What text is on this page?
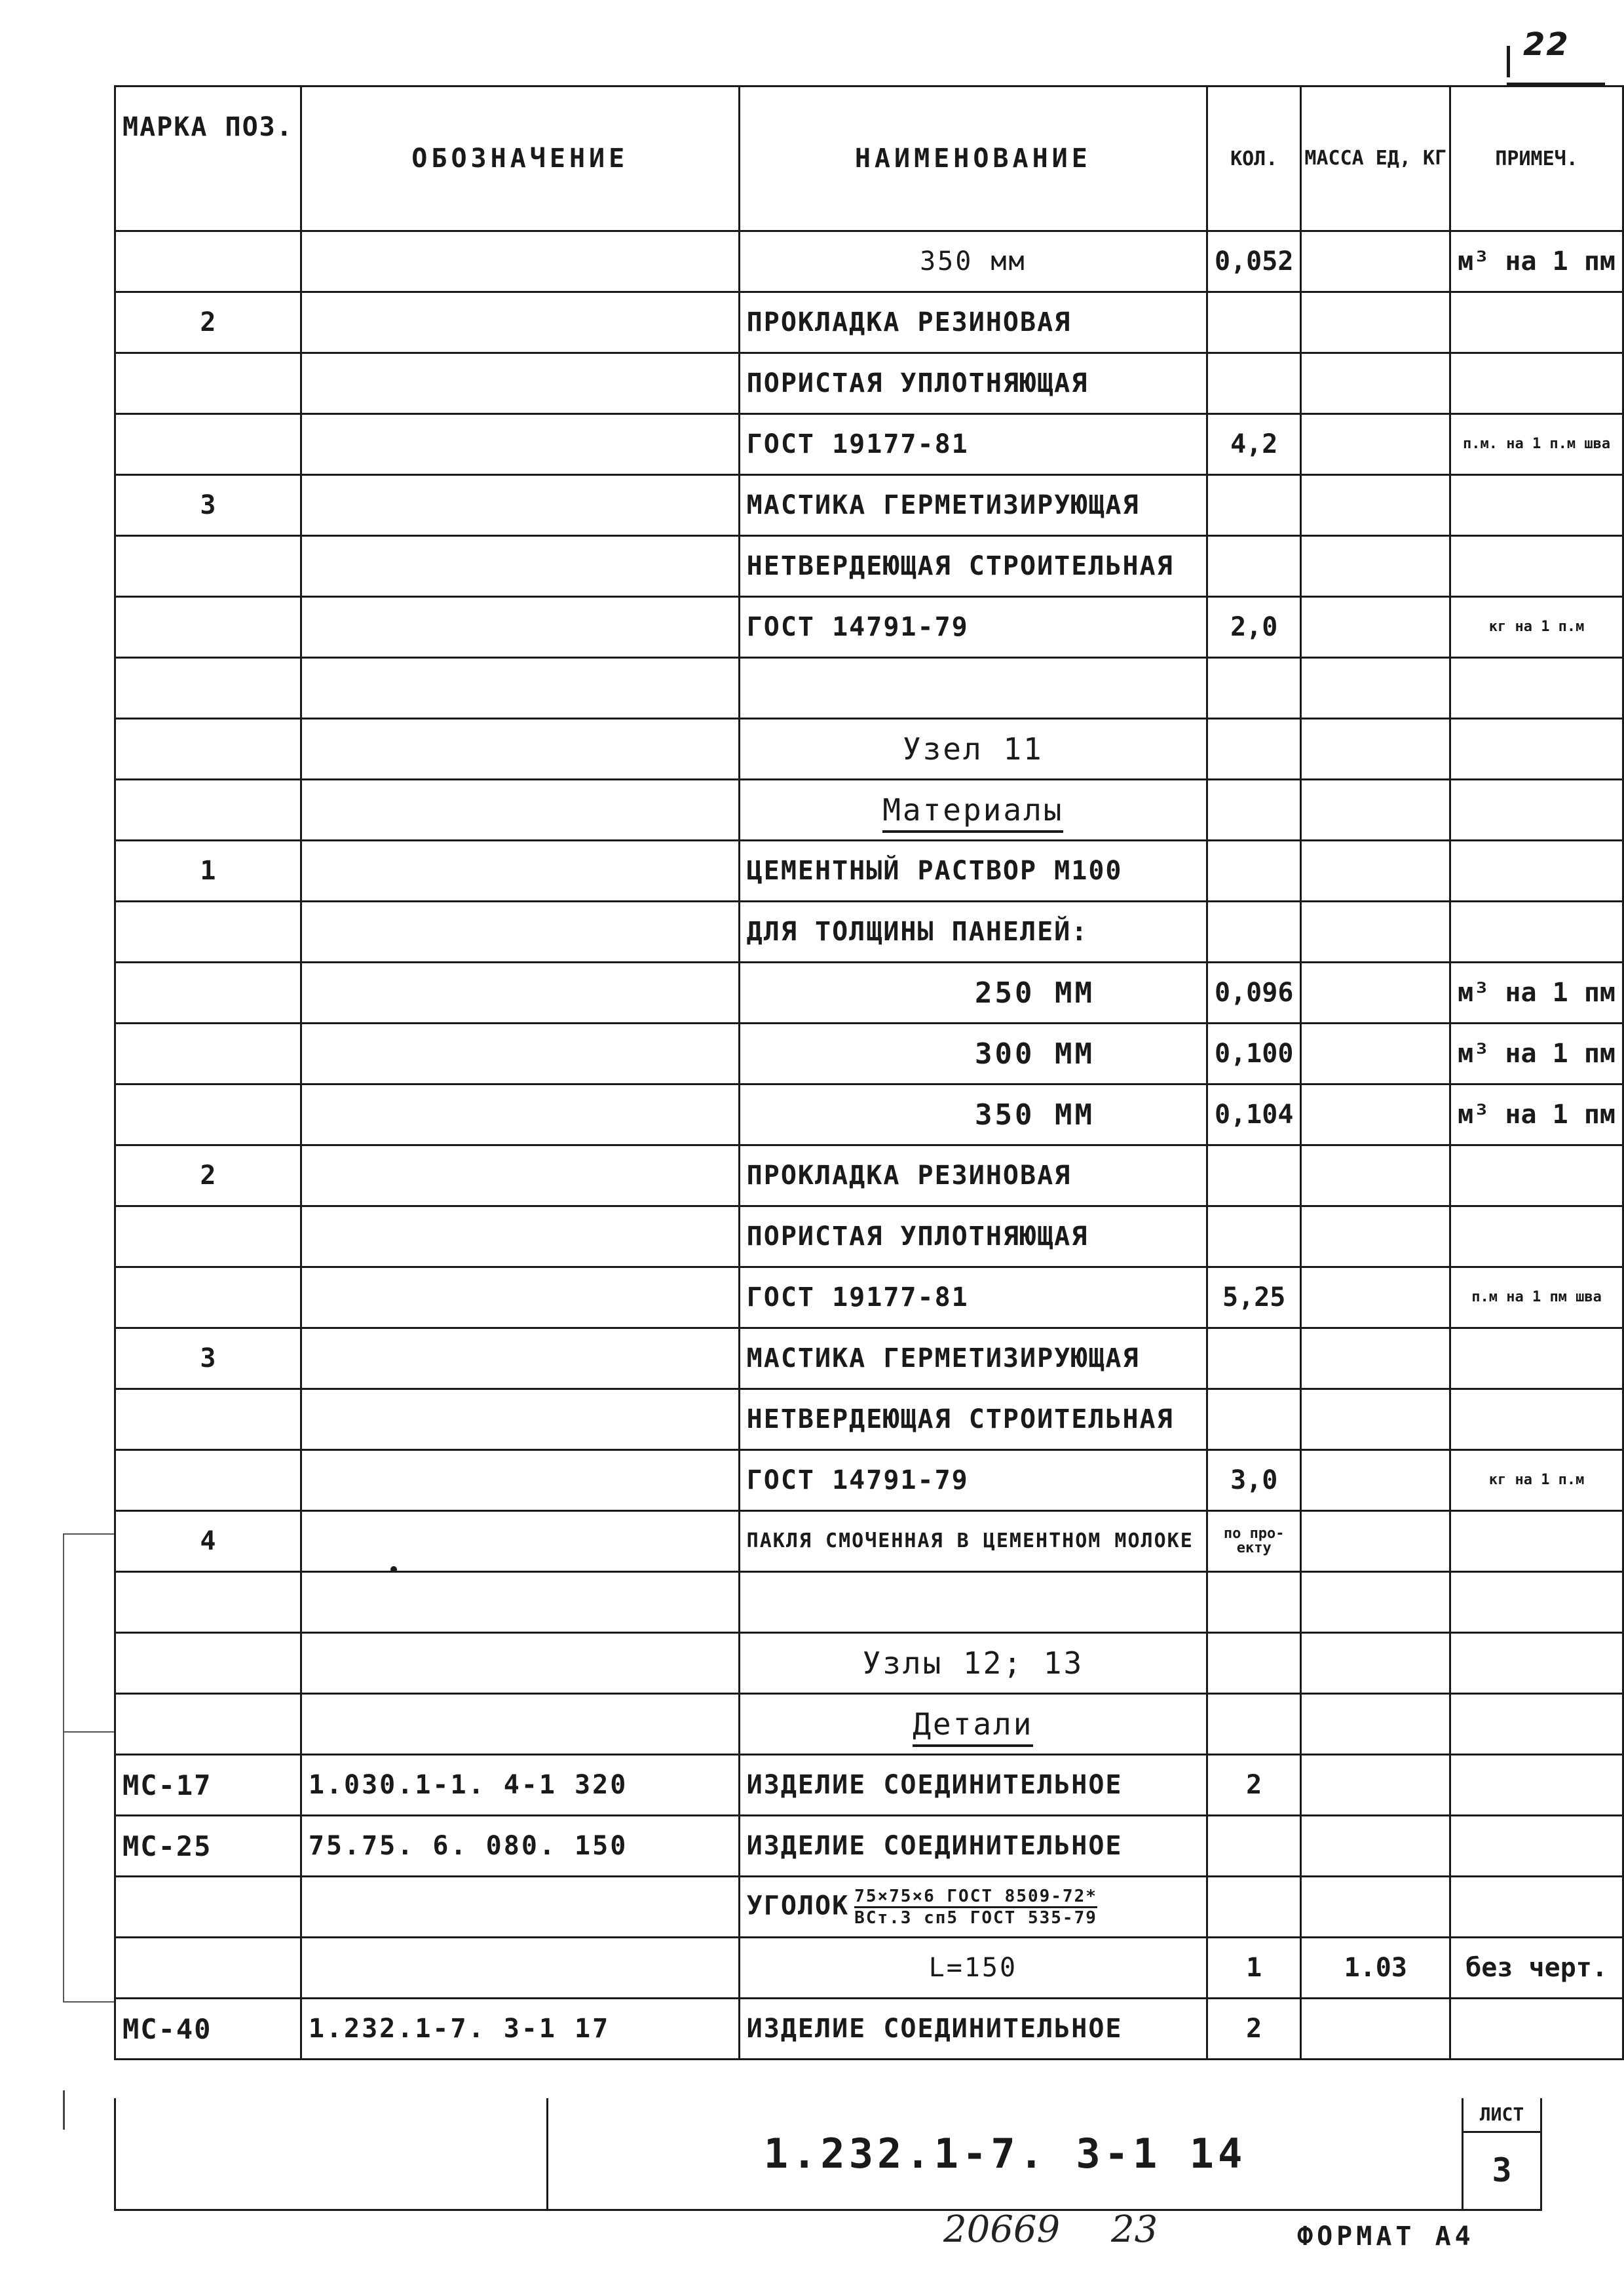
22
МАРКА ПОЗ.	ОБОЗНАЧЕНИЕ	НАИМЕНОВАНИЕ	КОЛ.	МАССА ЕД, КГ	ПРИМЕЧ.
		350 мм	0,052		м³ на 1 пм
2		ПРОКЛАДКА РЕЗИНОВАЯ			
		ПОРИСТАЯ УПЛОТНЯЮЩАЯ			
		ГОСТ 19177-81	4,2		п.м. на 1 п.м шва
3		МАСТИКА ГЕРМЕТИЗИРУЮЩАЯ			
		НЕТВЕРДЕЮЩАЯ СТРОИТЕЛЬНАЯ			
		ГОСТ 14791-79	2,0		кг на 1 п.м

		Узел 11			
		Материалы			
1		ЦЕМЕНТНЫЙ РАСТВОР М100			
		ДЛЯ ТОЛЩИНЫ ПАНЕЛЕЙ:			
		250 ММ	0,096		м³ на 1 пм
		300 ММ	0,100		м³ на 1 пм
		350 ММ	0,104		м³ на 1 пм
2		ПРОКЛАДКА РЕЗИНОВАЯ			
		ПОРИСТАЯ УПЛОТНЯЮЩАЯ			
		ГОСТ 19177-81	5,25		п.м на 1 пм шва
3		МАСТИКА ГЕРМЕТИЗИРУЮЩАЯ			
		НЕТВЕРДЕЮЩАЯ СТРОИТЕЛЬНАЯ			
		ГОСТ 14791-79	3,0		кг на 1 п.м
4		ПАКЛЯ СМОЧЕННАЯ В ЦЕМЕНТНОМ МОЛОКЕ	по про-екту		

		Узлы 12; 13			
		Детали			
МС-17	1.030.1-1. 4-1 320	ИЗДЕЛИЕ СОЕДИНИТЕЛЬНОЕ	2		
МС-25	75.75. 6. 080. 150	ИЗДЕЛИЕ СОЕДИНИТЕЛЬНОЕ			
		УГОЛОК $\frac{\text{75×75×6 ГОСТ 8509-72*}}{\text{ВСт.3 сп5 ГОСТ 535-79}}$

		L=150	1	1.03	без черт.
МС-40	1.232.1-7. 3-1 17	ИЗДЕЛИЕ СОЕДИНИТЕЛЬНОЕ	2		
1.232.1-7. 3-1 14
ЛИСТ
3
20669 23	ФОРМАТ А4
